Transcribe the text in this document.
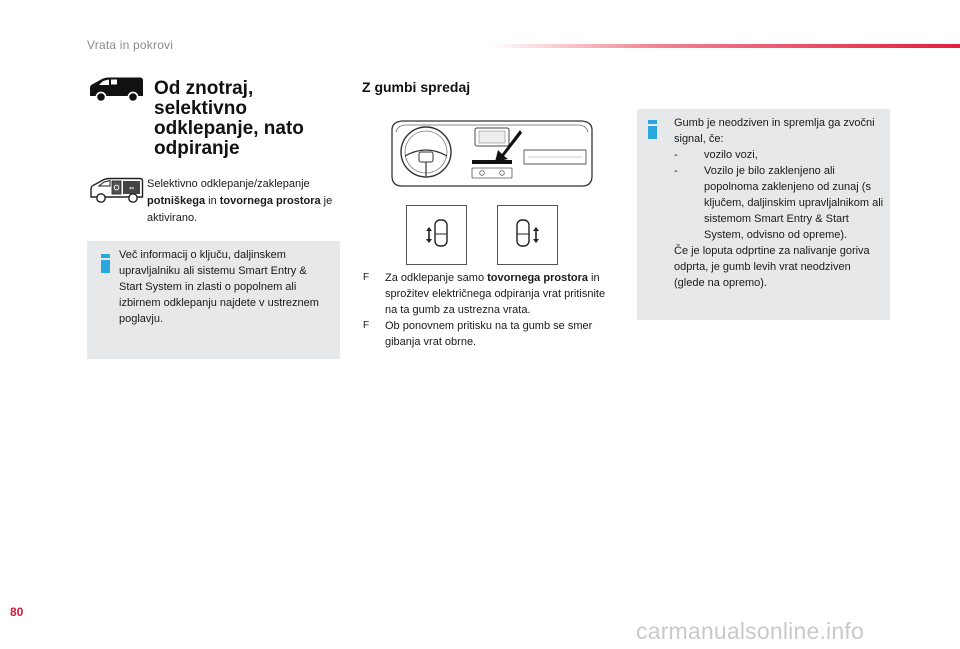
Vrata in pokrovi
Od znotraj, selektivno odklepanje, nato odpiranje
⇔ Selektivno odklepanje/zaklepanje potniškega in tovornega prostora je aktivirano.
Več informacij o ključu, daljinskem upravljalniku ali sistemu Smart Entry & Start System in zlasti o popolnem ali izbirnem odklepanju najdete v ustreznem poglavju.
Z gumbi spredaj
F Za odklepanje samo tovornega prostora in sprožitev električnega odpiranja vrat pritisnite na ta gumb za ustrezna vrata.
F Ob ponovnem pritisku na ta gumb se smer gibanja vrat obrne.
Gumb je neodziven in spremlja ga zvočni signal, če:
- vozilo vozi,
- Vozilo je bilo zaklenjeno ali popolnoma zaklenjeno od zunaj (s ključem, daljinskim upravljalnikom ali sistemom Smart Entry & Start System, odvisno od opreme).
Če je loputa odprtine za nalivanje goriva odprta, je gumb levih vrat neodziven (glede na opremo).
80
carmanualsonline.info
